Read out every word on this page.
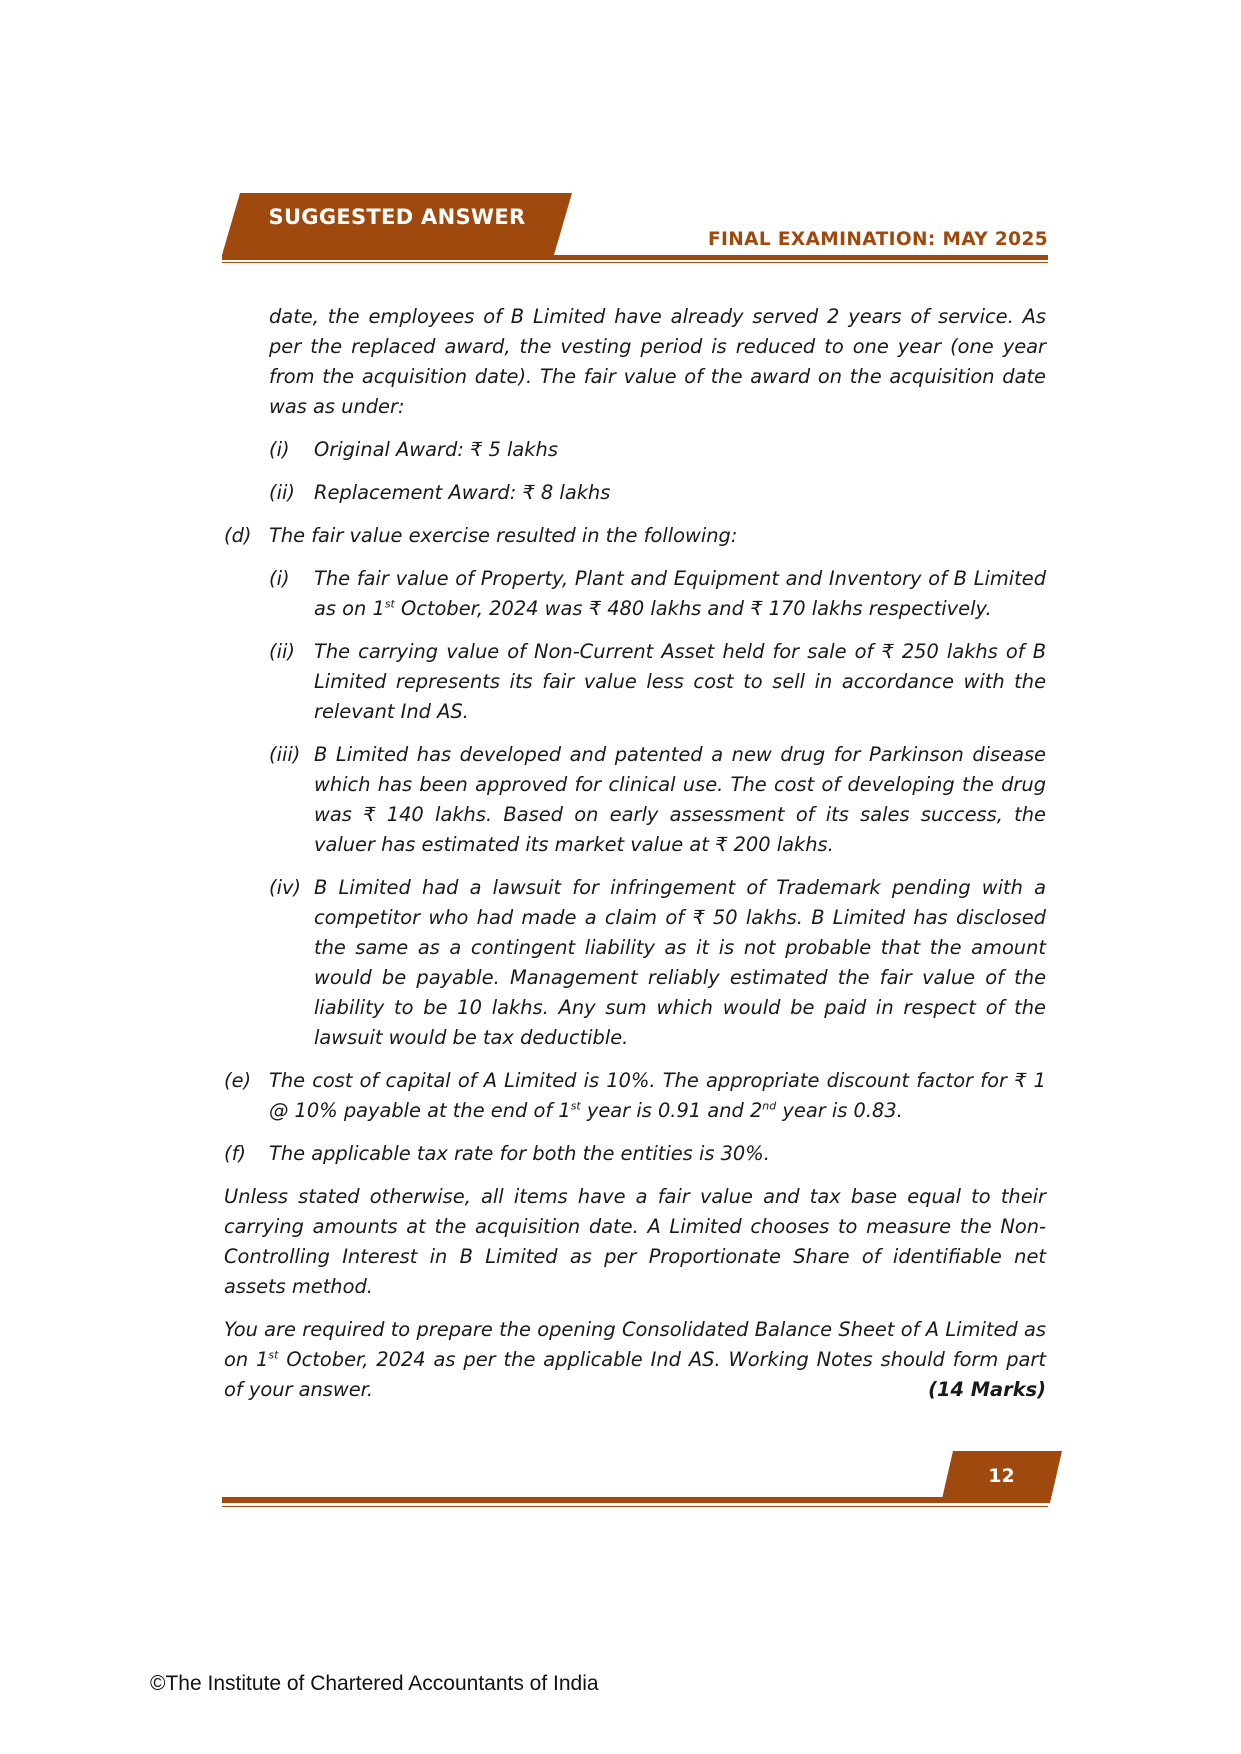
SUGGESTED ANSWER
FINAL EXAMINATION: MAY 2025

date, the employees of B Limited have already served 2 years of service. As per the replaced award, the vesting period is reduced to one year (one year from the acquisition date). The fair value of the award on the acquisition date was as under:

(i)	Original Award: ₹ 5 lakhs
(ii) Replacement Award: ₹ 8 lakhs
(d) The fair value exercise resulted in the following:
(i)	The fair value of Property, Plant and Equipment and Inventory of B Limited as on 1st October, 2024 was ₹ 480 lakhs and ₹ 170 lakhs respectively.
(ii) The carrying value of Non-Current Asset held for sale of ₹ 250 lakhs of B Limited represents its fair value less cost to sell in accordance with the relevant Ind AS.
(iii) B Limited has developed and patented a new drug for Parkinson disease which has been approved for clinical use. The cost of developing the drug was ₹ 140 lakhs. Based on early assessment of its sales success, the valuer has estimated its market value at ₹ 200 lakhs.
(iv) B Limited had a lawsuit for infringement of Trademark pending with a competitor who had made a claim of ₹ 50 lakhs. B Limited has disclosed the same as a contingent liability as it is not probable that the amount would be payable. Management reliably estimated the fair value of the liability to be 10 lakhs. Any sum which would be paid in respect of the lawsuit would be tax deductible.
(e) The cost of capital of A Limited is 10%. The appropriate discount factor for ₹ 1 @ 10% payable at the end of 1st year is 0.91 and 2nd year is 0.83.
(f)	The applicable tax rate for both the entities is 30%.

Unless stated otherwise, all items have a fair value and tax base equal to their carrying amounts at the acquisition date. A Limited chooses to measure the Non-Controlling Interest in B Limited as per Proportionate Share of identifiable net assets method.

You are required to prepare the opening Consolidated Balance Sheet of A Limited as on 1st October, 2024 as per the applicable Ind AS. Working Notes should form part of your answer.	(14 Marks)

12
©The Institute of Chartered Accountants of India
